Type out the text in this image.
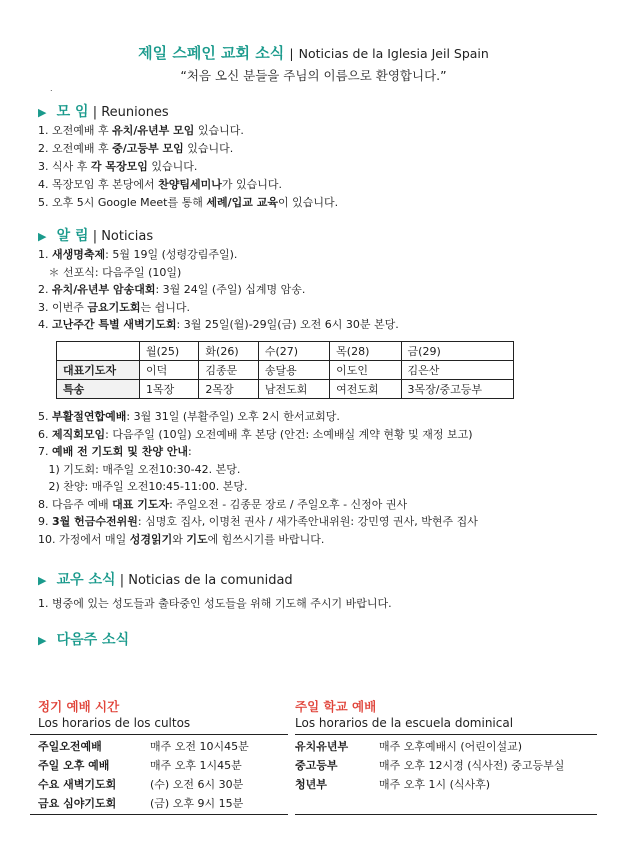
제일 스페인 교회 소식 | Noticias de la Iglesia Jeil Spain
“처음 오신 분들을 주님의 이름으로 환영합니다.”
.
▶ 모 임 | Reuniones
1. 오전예배 후 유치/유년부 모임 있습니다.
2. 오전예배 후 중/고등부 모임 있습니다.
3. 식사 후 각 목장모임 있습니다.
4. 목장모임 후 본당에서 찬양팀세미나가 있습니다.
5. 오후 5시 Google Meet를 통해 세례/입교 교육이 있습니다.
▶ 알 림 | Noticias
1. 새생명축제: 5월 19일 (성령강림주일).
＊ 선포식: 다음주일 (10일)
2. 유치/유년부 암송대회: 3월 24일 (주일) 십계명 암송.
3. 이번주 금요기도회는 쉽니다.
4. 고난주간 특별 새벽기도회: 3월 25일(월)-29일(금) 오전 6시 30분 본당.
	월(25)	화(26)	수(27)	목(28)	금(29)
대표기도자	이덕	김종문	송달용	이도인	김은산
특송	1목장	2목장	남전도회	여전도회	3목장/중고등부
5. 부활절연합예배: 3월 31일 (부활주일) 오후 2시 한서교회당.
6. 제직회모임: 다음주일 (10일) 오전예배 후 본당 (안건: 소예배실 계약 현황 및 재정 보고)
7. 예배 전 기도회 및 찬양 안내:
1) 기도회: 매주일 오전10:30-42. 본당.
2) 찬양: 매주일 오전10:45-11:00. 본당.
8. 다음주 예배 대표 기도자: 주일오전 - 김종문 장로 / 주일오후 - 신정아 권사
9. 3월 헌금수전위원: 심명호 집사, 이명천 권사 / 새가족안내위원: 강민영 권사, 박현주 집사
10. 가정에서 매일 성경읽기와 기도에 힘쓰시기를 바랍니다.
▶ 교우 소식 | Noticias de la comunidad
1. 병중에 있는 성도들과 출타중인 성도들을 위해 기도해 주시기 바랍니다.
▶ 다음주 소식
정기 예배 시간
Los horarios de los cultos
주일오전예배	매주 오전 10시45분
주일 오후 예배	매주 오후 1시45분
수요 새벽기도회	(수) 오전 6시 30분
금요 심야기도회	(금) 오후 9시 15분
주일 학교 예배
Los horarios de la escuela dominical
유치유년부	매주 오후예배시 (어린이설교)
중고등부	매주 오후 12시경 (식사전) 중고등부실
청년부	매주 오후 1시 (식사후)
